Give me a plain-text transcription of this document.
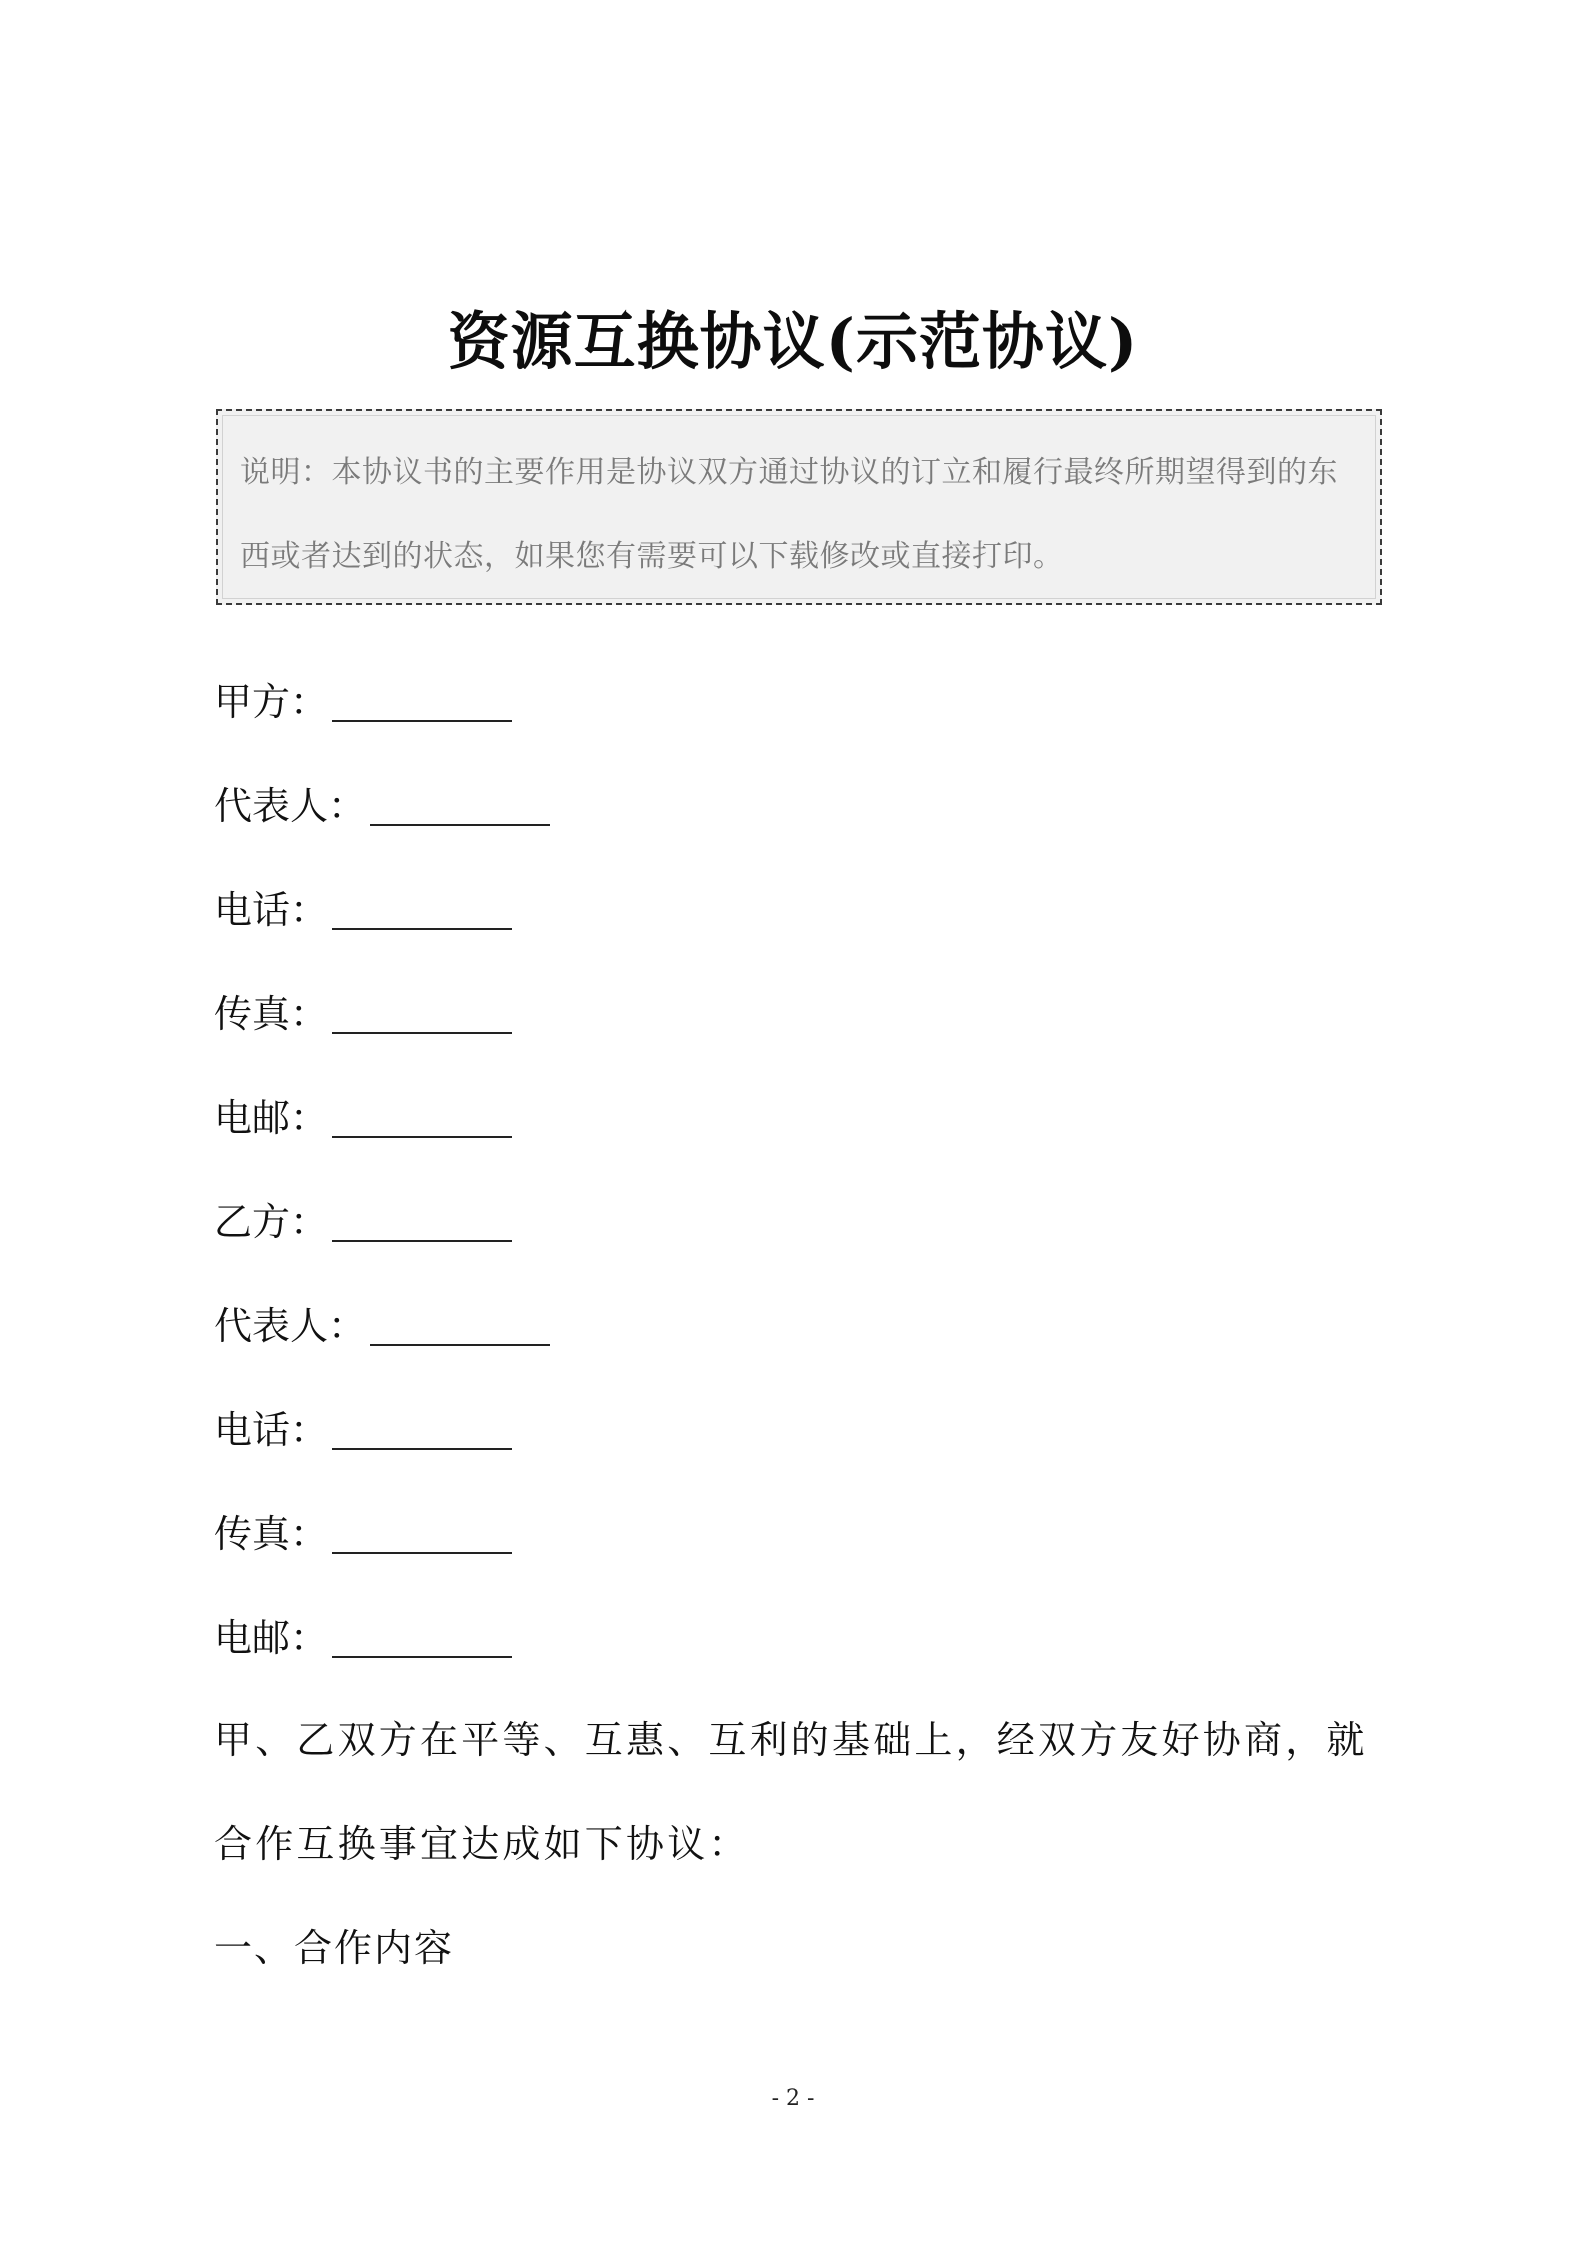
资源互换协议(示范协议)
说明：本协议书的主要作用是协议双方通过协议的订立和履行最终所期望得到的东西或者达到的状态，如果您有需要可以下载修改或直接打印。
甲方：
代表人：
电话：
传真：
电邮：
乙方：
代表人：
电话：
传真：
电邮：
甲、乙双方在平等、互惠、互利的基础上，经双方友好协商，就合作互换事宜达成如下协议：
一、合作内容
- 2 -
